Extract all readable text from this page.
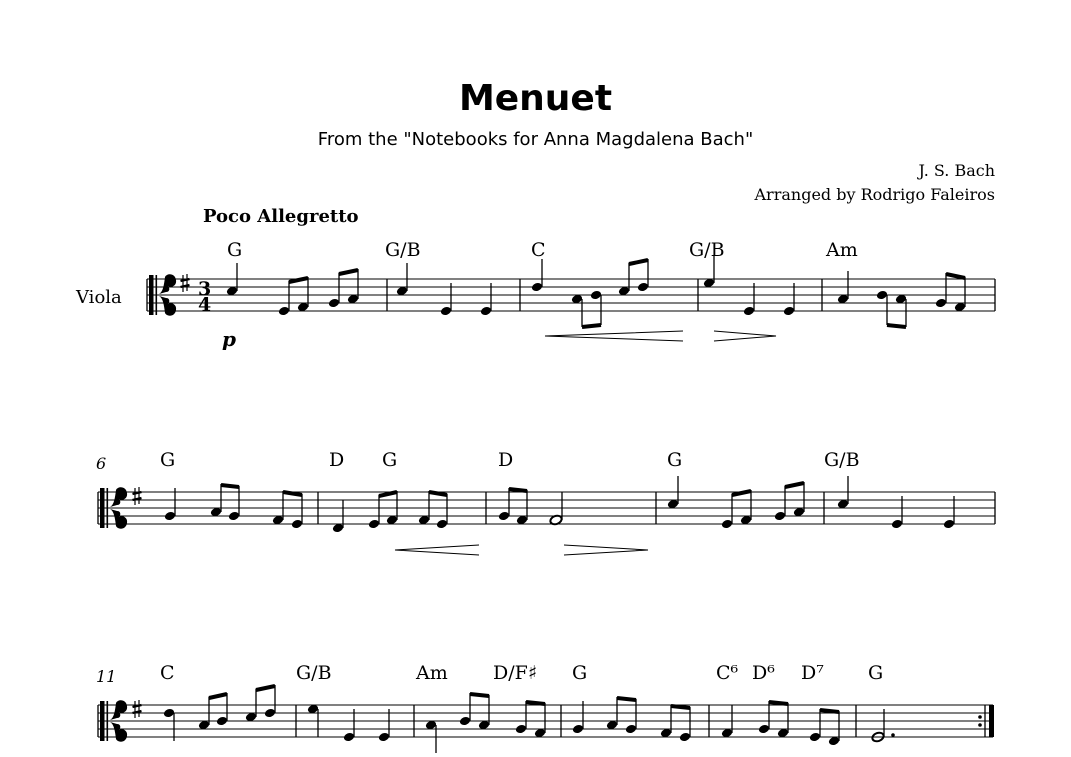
Menuet
From the "Notebooks for Anna Magdalena Bach"
J. S. Bach
Arranged by Rodrigo Faleiros
Poco Allegretto
Viola	3
4
p
G	G/B	C	G/B	Am
6	G	D G	D	G	G/B
11 C	G/B	Am D/F♯ G	C⁶ D⁶ D⁷ G
